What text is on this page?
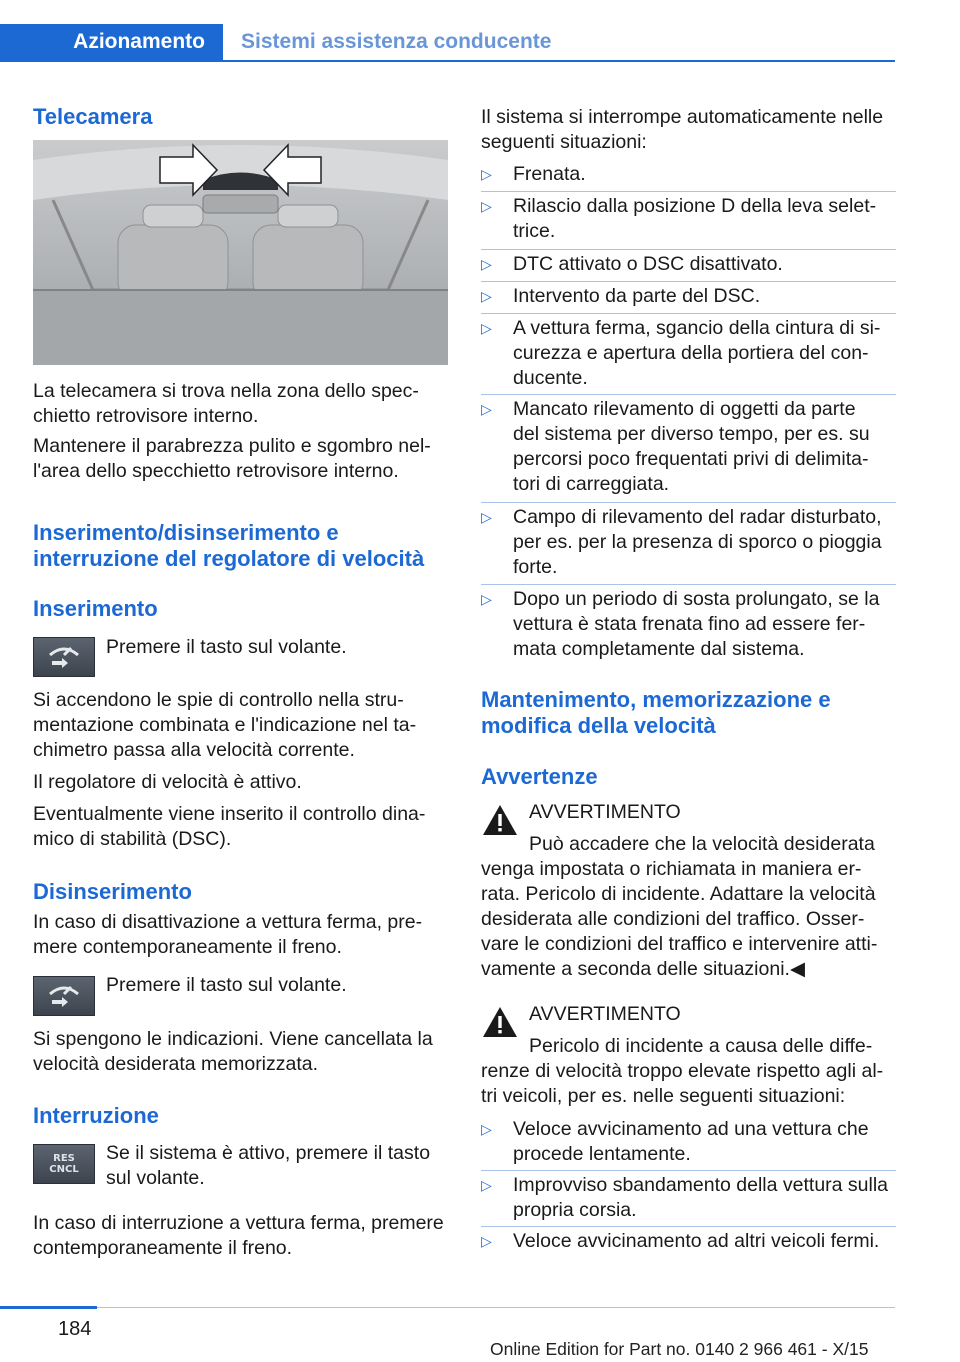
Azionamento	Sistemi assistenza conducente
Telecamera
La telecamera si trova nella zona dello spec-
chietto retrovisore interno.
Mantenere il parabrezza pulito e sgombro nel-
l'area dello specchietto retrovisore interno.
Inserimento/disinserimento e
interruzione del regolatore di velocità
Inserimento
Premere il tasto sul volante.
Si accendono le spie di controllo nella stru-
mentazione combinata e l'indicazione nel ta-
chimetro passa alla velocità corrente.
Il regolatore di velocità è attivo.
Eventualmente viene inserito il controllo dina-
mico di stabilità (DSC).
Disinserimento
In caso di disattivazione a vettura ferma, pre-
mere contemporaneamente il freno.
Premere il tasto sul volante.
Si spengono le indicazioni. Viene cancellata la
velocità desiderata memorizzata.
Interruzione
RES
CNCL
Se il sistema è attivo, premere il tasto
sul volante.
In caso di interruzione a vettura ferma, premere
contemporaneamente il freno.
Il sistema si interrompe automaticamente nelle
seguenti situazioni:
▷ Frenata.
▷ Rilascio dalla posizione D della leva selet-
trice.
▷ DTC attivato o DSC disattivato.
▷ Intervento da parte del DSC.
▷ A vettura ferma, sgancio della cintura di si-
curezza e apertura della portiera del con-
ducente.
▷ Mancato rilevamento di oggetti da parte
del sistema per diverso tempo, per es. su
percorsi poco frequentati privi di delimita-
tori di carreggiata.
▷ Campo di rilevamento del radar disturbato,
per es. per la presenza di sporco o pioggia
forte.
▷ Dopo un periodo di sosta prolungato, se la
vettura è stata frenata fino ad essere fer-
mata completamente dal sistema.
Mantenimento, memorizzazione e
modifica della velocità
Avvertenze
AVVERTIMENTO
Può accadere che la velocità desiderata
venga impostata o richiamata in maniera er-
rata. Pericolo di incidente. Adattare la velocità
desiderata alle condizioni del traffico. Osser-
vare le condizioni del traffico e intervenire atti-
vamente a seconda delle situazioni.◀
AVVERTIMENTO
Pericolo di incidente a causa delle diffe-
renze di velocità troppo elevate rispetto agli al-
tri veicoli, per es. nelle seguenti situazioni:
▷ Veloce avvicinamento ad una vettura che
procede lentamente.
▷ Improvviso sbandamento della vettura sulla
propria corsia.
▷ Veloce avvicinamento ad altri veicoli fermi.
184
Online Edition for Part no. 0140 2 966 461 - X/15
